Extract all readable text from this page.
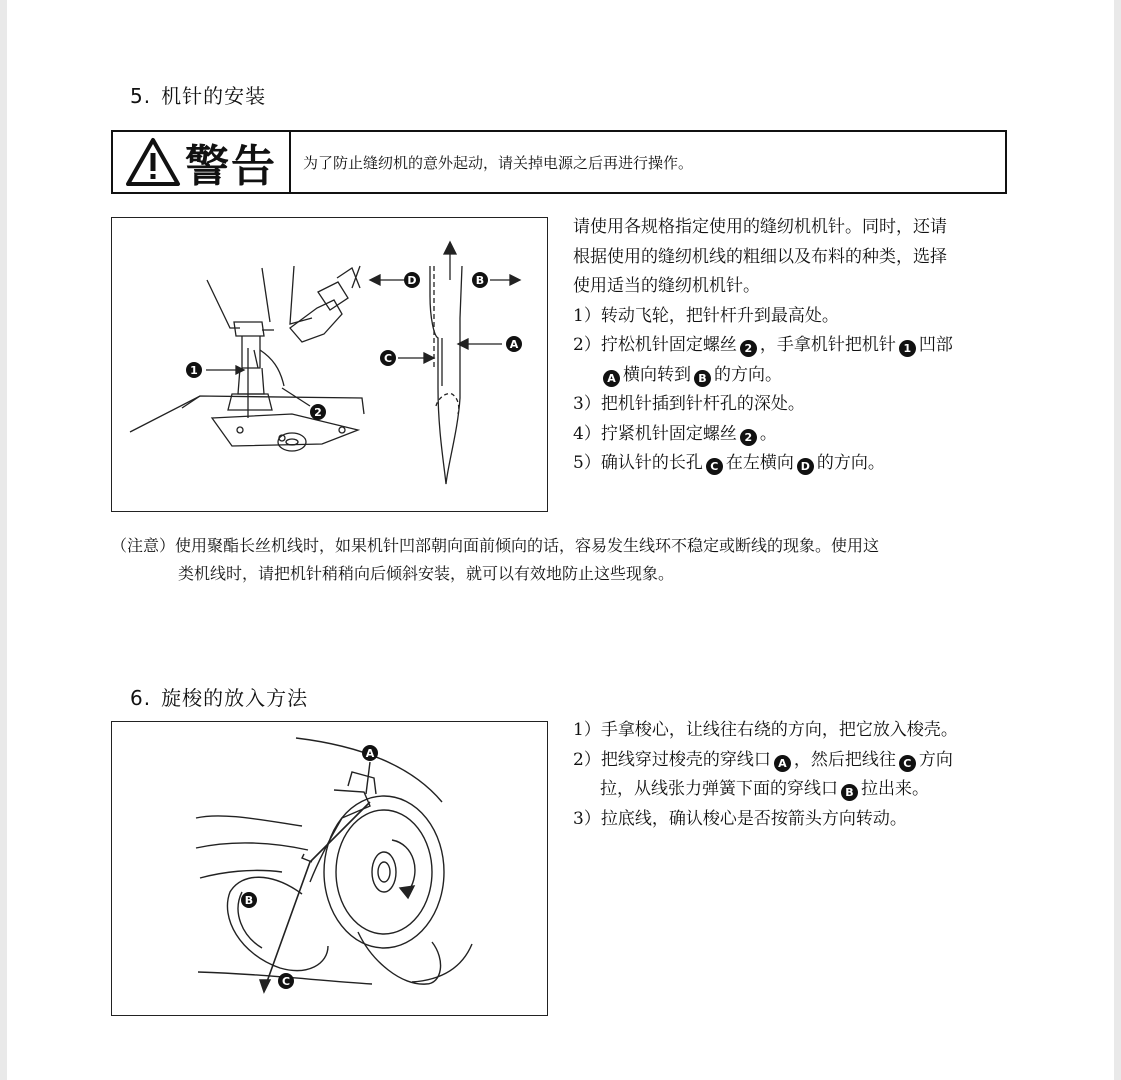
5. 机针的安装
警告	为了防止缝纫机的意外起动，请关掉电源之后再进行操作。
1
2
D	B
A
C

请使用各规格指定使用的缝纫机机针。同时，还请

根据使用的缝纫机线的粗细以及布料的种类，选择

使用适当的缝纫机机针。

1）转动飞轮，把针杆升到最高处。

2）拧松机针固定螺丝 2 ，手拿机针把机针 1 凹部

A 横向转到 B 的方向。

3）把机针插到针杆孔的深处。

4）拧紧机针固定螺丝 2 。

5）确认针的长孔 C 在左横向 D 的方向。

（注意）使用聚酯长丝机线时，如果机针凹部朝向面前倾向的话，容易发生线环不稳定或断线的现象。使用这

类机线时，请把机针稍稍向后倾斜安装，就可以有效地防止这些现象。

6. 旋梭的放入方法
A
B
C

1）手拿梭心，让线往右绕的方向，把它放入梭壳。

2）把线穿过梭壳的穿线口 A ，然后把线往 C 方向

拉，从线张力弹簧下面的穿线口 B 拉出来。

3）拉底线，确认梭心是否按箭头方向转动。
